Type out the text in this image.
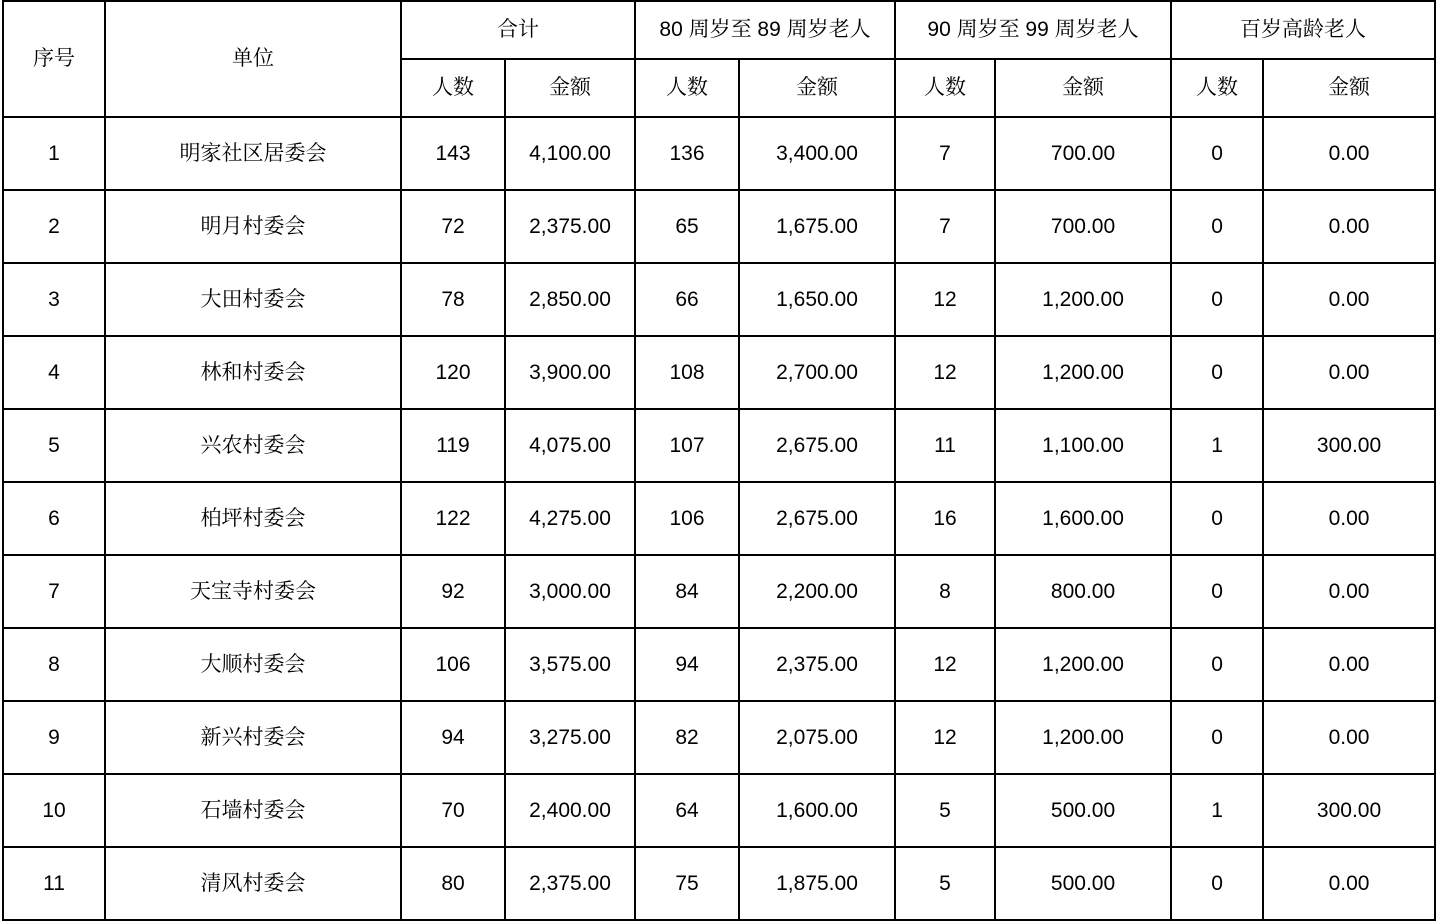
序号	单位	合计		80 周岁至 89 周岁老人		90 周岁至 99 周岁老人		百岁高龄老人	
		人数	金额	人数	金额	人数	金额	人数	金额
1	明家社区居委会	143	4,100.00	136	3,400.00	7	700.00	0	0.00
2	明月村委会	72	2,375.00	65	1,675.00	7	700.00	0	0.00
3	大田村委会	78	2,850.00	66	1,650.00	12	1,200.00	0	0.00
4	林和村委会	120	3,900.00	108	2,700.00	12	1,200.00	0	0.00
5	兴农村委会	119	4,075.00	107	2,675.00	11	1,100.00	1	300.00
6	柏坪村委会	122	4,275.00	106	2,675.00	16	1,600.00	0	0.00
7	天宝寺村委会	92	3,000.00	84	2,200.00	8	800.00	0	0.00
8	大顺村委会	106	3,575.00	94	2,375.00	12	1,200.00	0	0.00
9	新兴村委会	94	3,275.00	82	2,075.00	12	1,200.00	0	0.00
10	石墙村委会	70	2,400.00	64	1,600.00	5	500.00	1	300.00
11	清风村委会	80	2,375.00	75	1,875.00	5	500.00	0	0.00
